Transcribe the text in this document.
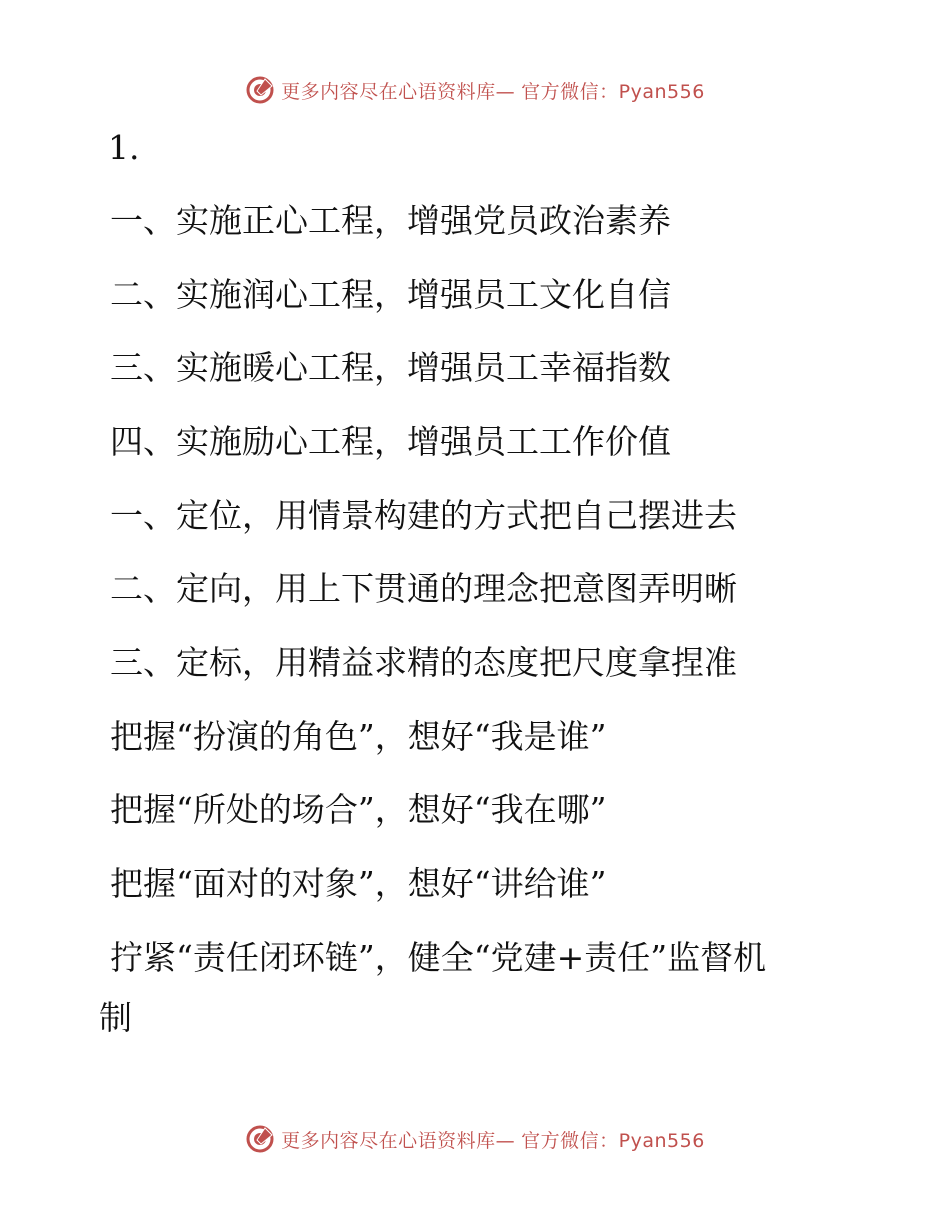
更多内容尽在心语资料库— 官方微信：Pyan556
1.
一、实施正心工程，增强党员政治素养
二、实施润心工程，增强员工文化自信
三、实施暖心工程，增强员工幸福指数
四、实施励心工程，增强员工工作价值
一、定位，用情景构建的方式把自己摆进去
二、定向，用上下贯通的理念把意图弄明晰
三、定标，用精益求精的态度把尺度拿捏准
把握“扮演的角色”，想好“我是谁”
把握“所处的场合”，想好“我在哪”
把握“面对的对象”，想好“讲给谁”
拧紧“责任闭环链”，健全“党建+责任”监督机
制
更多内容尽在心语资料库— 官方微信：Pyan556
